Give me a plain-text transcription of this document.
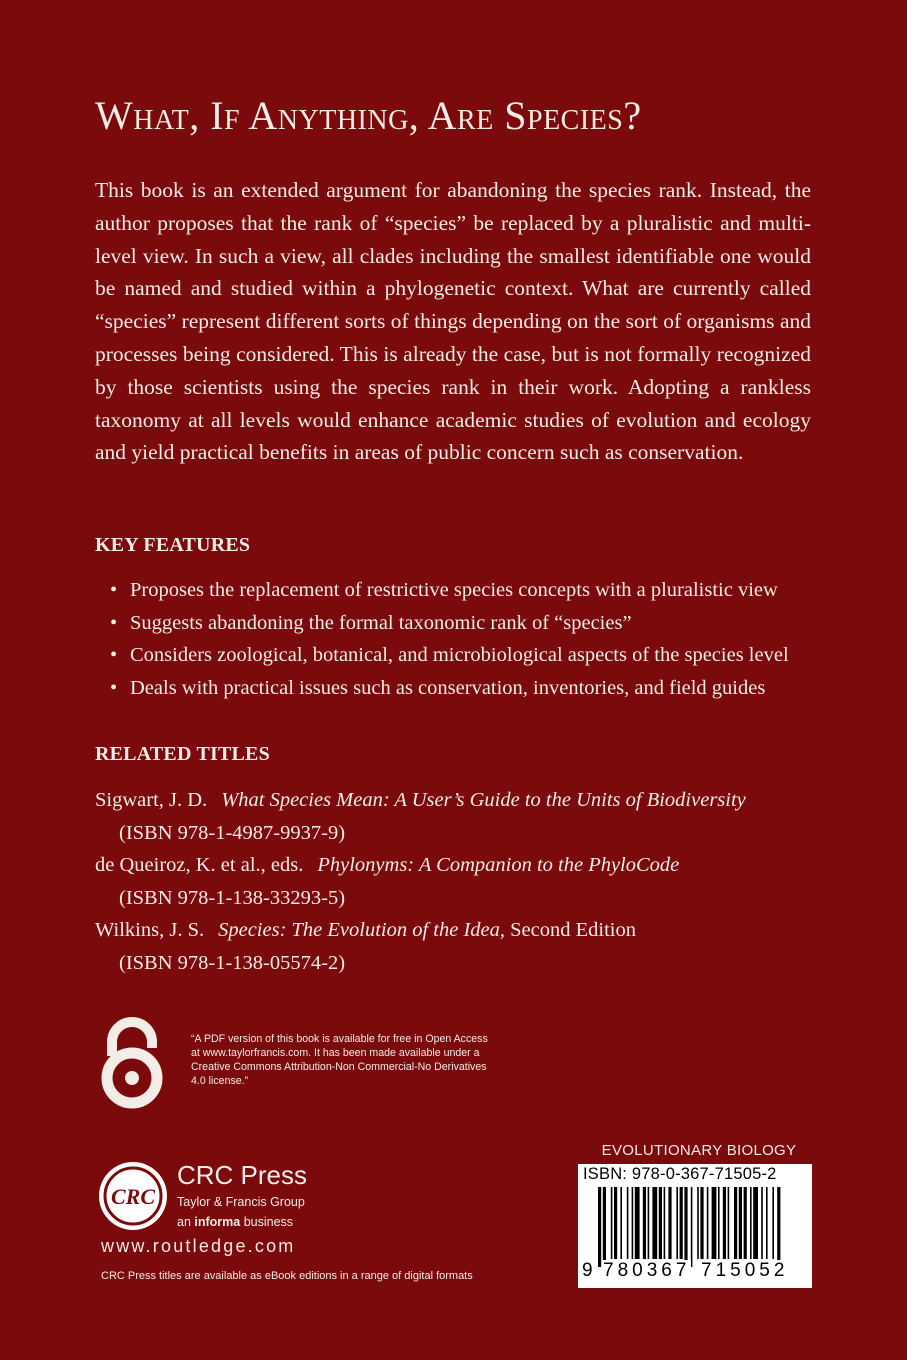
What, If Anything, Are Species?

This book is an extended argument for abandoning the species rank. Instead, the author proposes that the rank of “species” be replaced by a pluralistic and multi-level view. In such a view, all clades including the smallest identifiable one would be named and studied within a phylogenetic context. What are currently called “species” represent different sorts of things depending on the sort of organisms and processes being considered. This is already the case, but is not formally recognized by those scientists using the species rank in their work. Adopting a rankless taxonomy at all levels would enhance academic studies of evolution and ecology and yield practical benefits in areas of public concern such as conservation.

KEY FEATURES
• Proposes the replacement of restrictive species concepts with a pluralistic view
• Suggests abandoning the formal taxonomic rank of “species”
• Considers zoological, botanical, and microbiological aspects of the species level
• Deals with practical issues such as conservation, inventories, and field guides
RELATED TITLES
Sigwart, J. D. What Species Mean: A User’s Guide to the Units of Biodiversity
(ISBN 978-1-4987-9937-9)
de Queiroz, K. et al., eds. Phylonyms: A Companion to the PhyloCode
(ISBN 978-1-138-33293-5)
Wilkins, J. S. Species: The Evolution of the Idea, Second Edition
(ISBN 978-1-138-05574-2)

“A PDF version of this book is available for free in Open Access at www.taylorfrancis.com. It has been made available under a Creative Commons Attribution-Non Commercial-No Derivatives 4.0 license.”

CRC
CRC Press
Taylor & Francis Group
an informa business
www.routledge.com
CRC Press titles are available as eBook editions in a range of digital formats
EVOLUTIONARY BIOLOGY
ISBN: 978-0-367-71505-2
9 780367 715052
